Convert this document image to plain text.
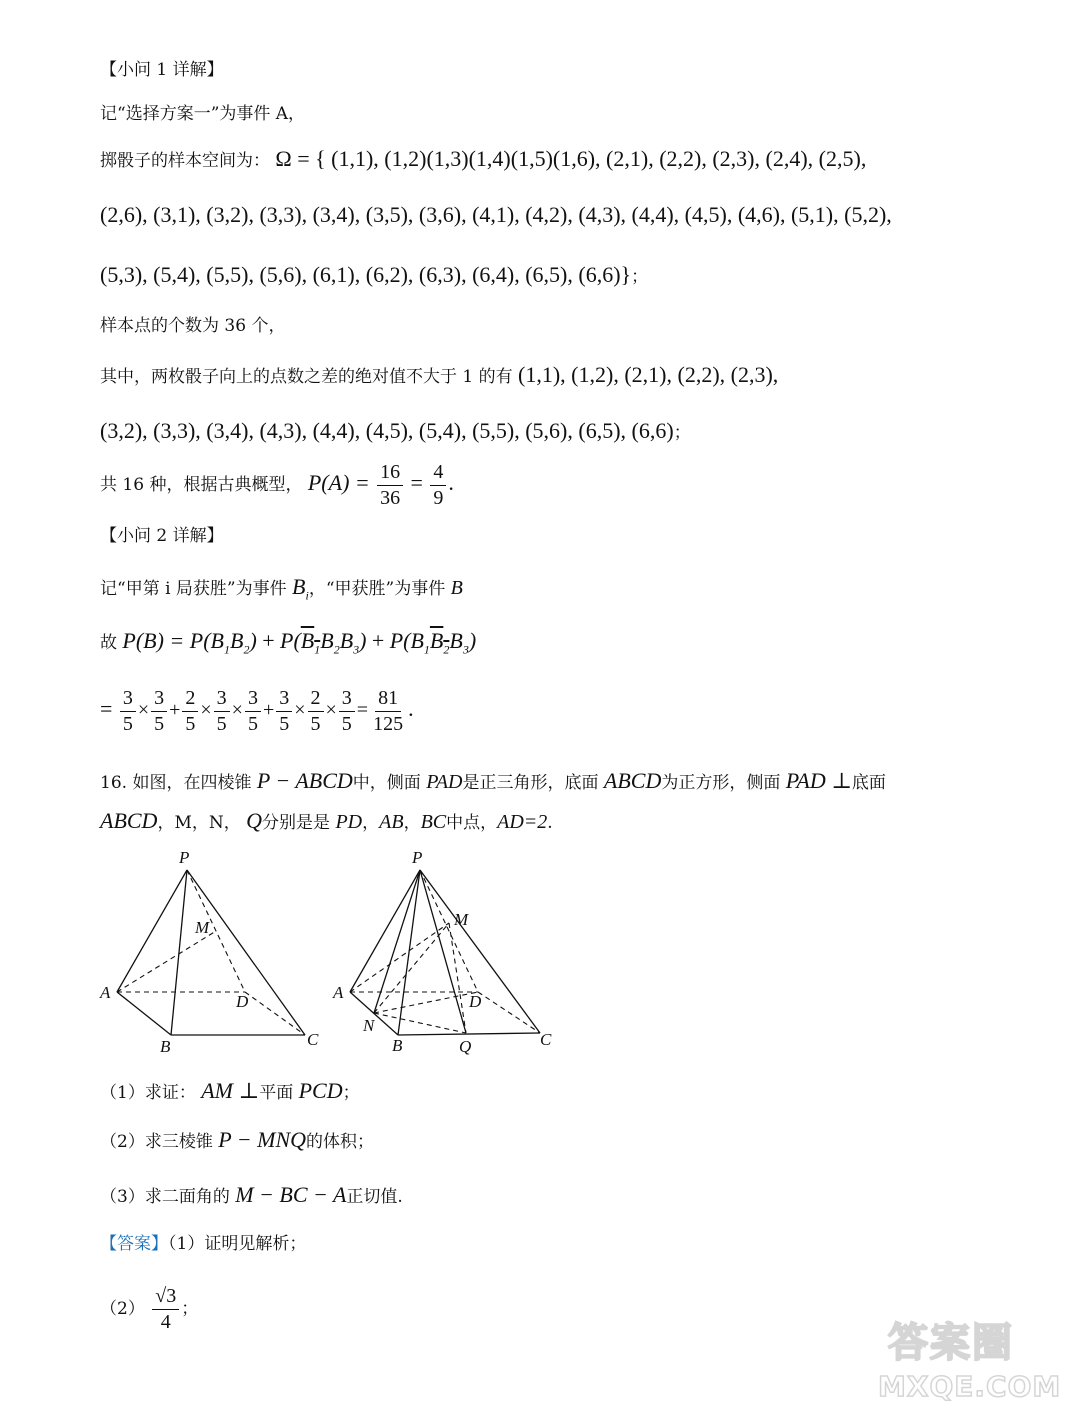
【小问 1 详解】
记“选择方案一”为事件 A，
掷骰子的样本空间为： Ω = { (1,1), (1,2)(1,3)(1,4)(1,5)(1,6), (2,1), (2,2), (2,3), (2,4), (2,5),
(2,6), (3,1), (3,2), (3,3), (3,4), (3,5), (3,6), (4,1), (4,2), (4,3), (4,4), (4,5), (4,6), (5,1), (5,2),
(5,3), (5,4), (5,5), (5,6), (6,1), (6,2), (6,3), (6,4), (6,5), (6,6)}；
样本点的个数为 36 个，
其中，两枚骰子向上的点数之差的绝对值不大于 1 的有 (1,1), (1,2), (2,1), (2,2), (2,3),
(3,2), (3,3), (3,4), (4,3), (4,4), (4,5), (5,4), (5,5), (5,6), (6,5), (6,6)；
共 16 种，根据古典概型， $P(A) = \frac{16}{36} = \frac{4}{9}$ .
【小问 2 详解】
记“甲第 i 局获胜”为事件 $B_i$，“甲获胜”为事件 B
故 $P(B) = P(B_1B_2) + P(B_1B_2B_3) + P(B_1B_2B_3)$
= $\frac{3}{5} \times \frac{3}{5} + \frac{2}{5} \times \frac{3}{5} \times \frac{3}{5} + \frac{3}{5} \times \frac{2}{5} \times \frac{3}{5} = \frac{81}{125}$ .
16. 如图，在四棱锥 P − ABCD中，侧面 PAD是正三角形，底面 ABCD为正方形，侧面 PAD ⊥底面
ABCD，M，N， Q分别是是 PD，AB，BC中点，AD=2.
P
M
A	D
B	C
P
M
A	D
N
B	Q	C
（1）求证： AM ⊥平面 PCD；
（2）求三棱锥 P − MNQ的体积；
（3）求二面角的 M − BC − A正切值.
【答案】（1）证明见解析；
$(2) \frac{√3}{4}$ ；
答案圈
MXQE.COM
